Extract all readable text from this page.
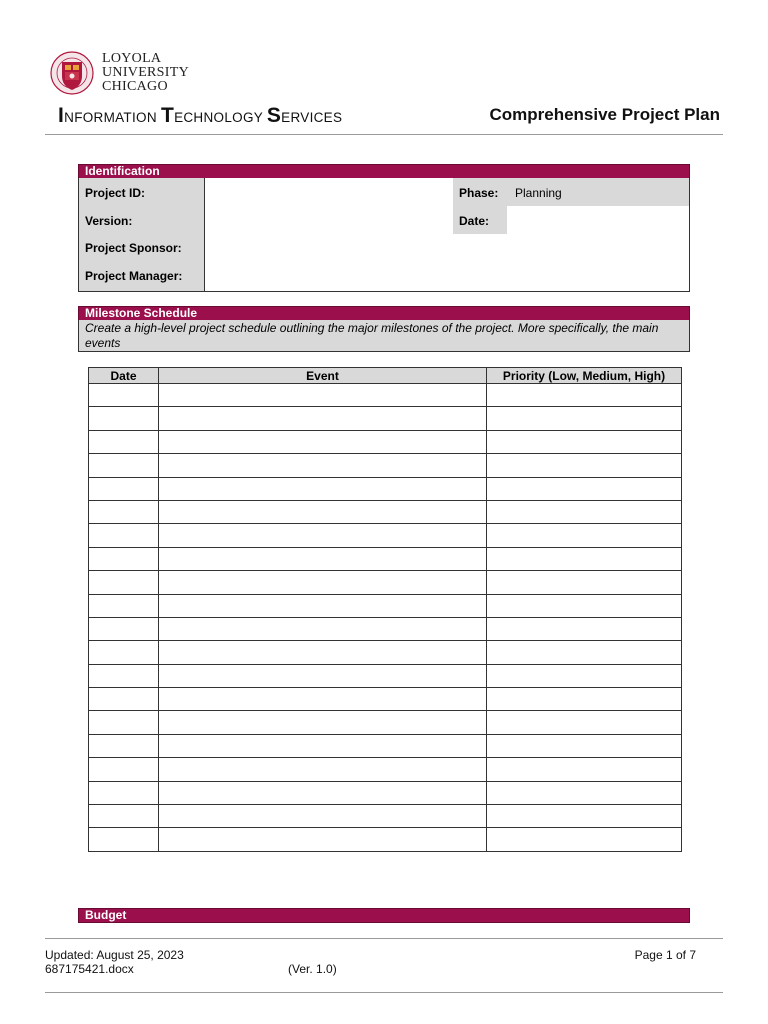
LOYOLA
UNIVERSITY
CHICAGO
INFORMATION TECHNOLOGY SERVICES	Comprehensive Project Plan
Identification
Project ID:
Version:
Project Sponsor:
Project Manager:
Phase: Planning
Date:
Milestone Schedule
Create a high-level project schedule outlining the major milestones of the project. More specifically, the main events
Date	Event	Priority (Low, Medium, High)

Budget
Updated: August 25, 2023
687175421.docx	(Ver. 1.0)
Page 1 of 7
